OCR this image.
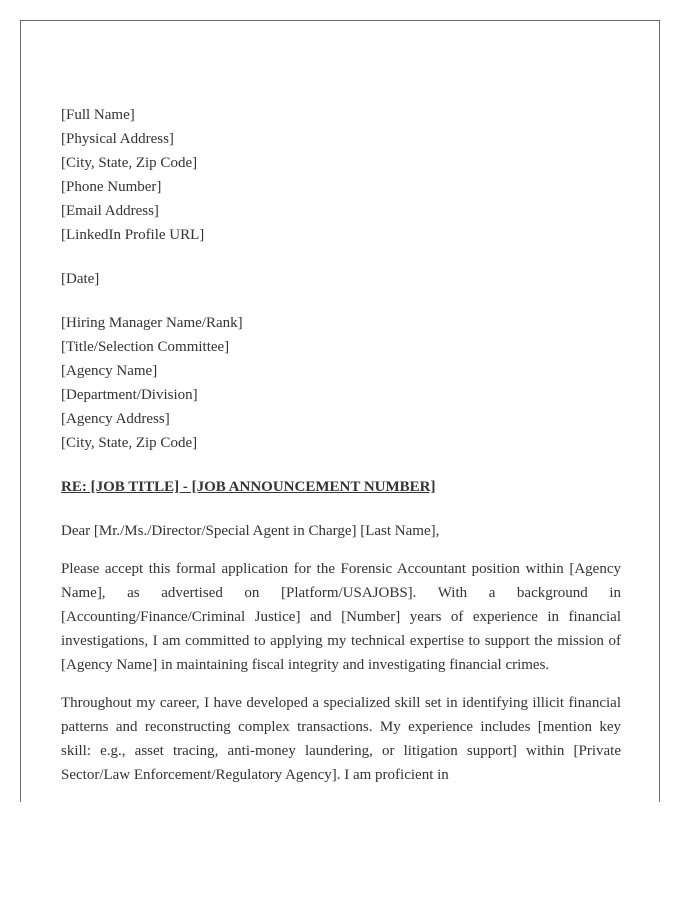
[Full Name]
[Physical Address]
[City, State, Zip Code]
[Phone Number]
[Email Address]
[LinkedIn Profile URL]
[Date]
[Hiring Manager Name/Rank]
[Title/Selection Committee]
[Agency Name]
[Department/Division]
[Agency Address]
[City, State, Zip Code]
RE: [JOB TITLE] - [JOB ANNOUNCEMENT NUMBER]
Dear [Mr./Ms./Director/Special Agent in Charge] [Last Name],

Please accept this formal application for the Forensic Accountant position within [Agency Name], as advertised on [Platform/USAJOBS]. With a background in [Accounting/Finance/Criminal Justice] and [Number] years of experience in financial investigations, I am committed to applying my technical expertise to support the mission of [Agency Name] in maintaining fiscal integrity and investigating financial crimes.

Throughout my career, I have developed a specialized skill set in identifying illicit financial patterns and reconstructing complex transactions. My experience includes [mention key skill: e.g., asset tracing, anti-money laundering, or litigation support] within [Private Sector/Law Enforcement/Regulatory Agency]. I am proficient in
